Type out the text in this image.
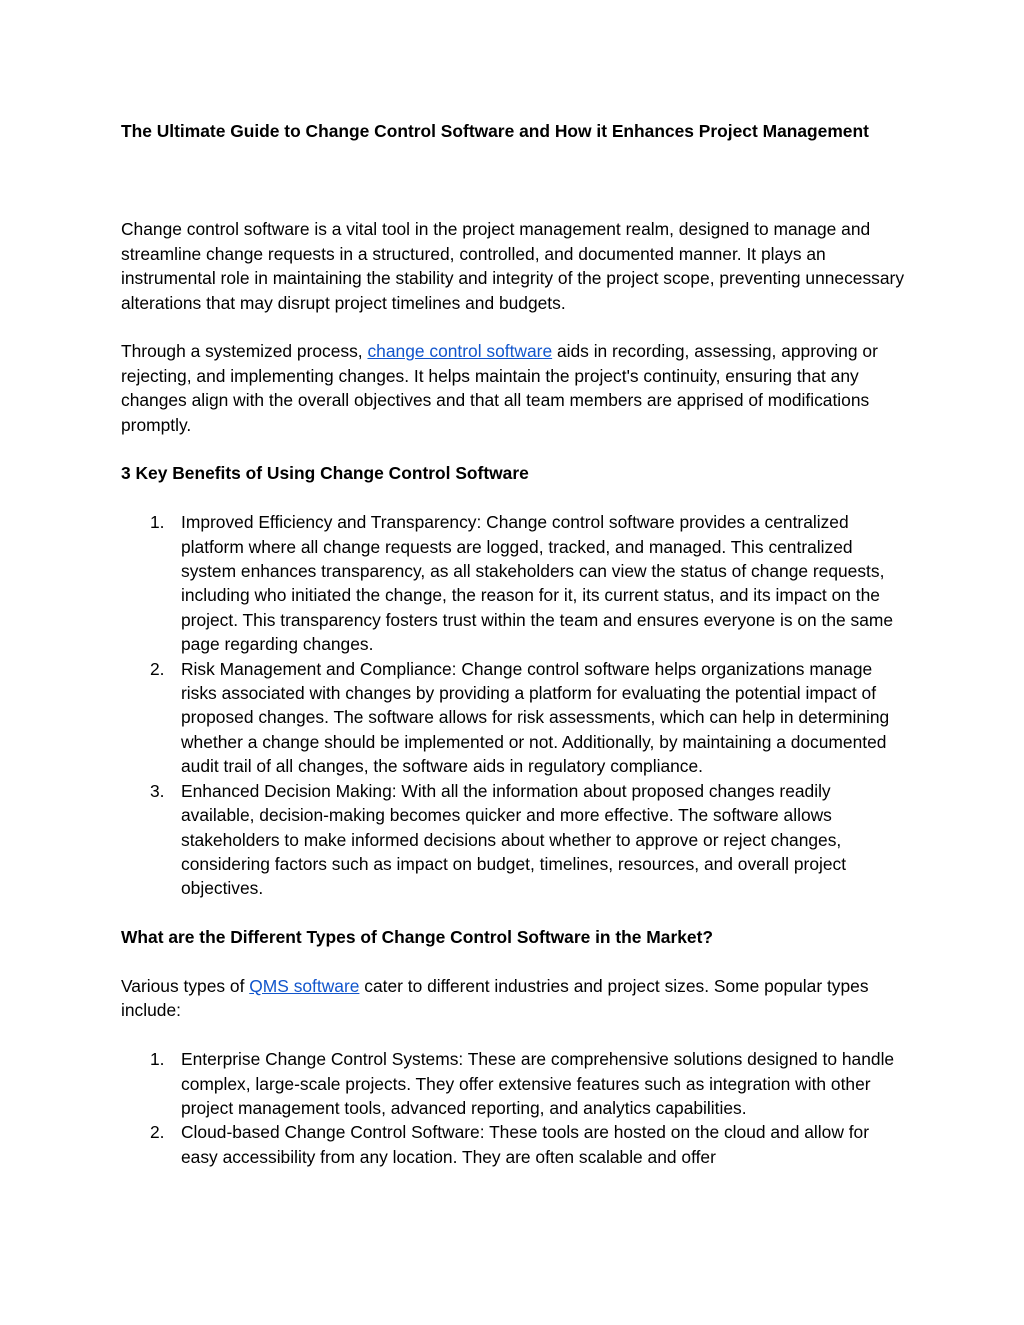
The Ultimate Guide to Change Control Software and How it Enhances Project Management

Change control software is a vital tool in the project management realm, designed to manage and streamline change requests in a structured, controlled, and documented manner. It plays an instrumental role in maintaining the stability and integrity of the project scope, preventing unnecessary alterations that may disrupt project timelines and budgets.

Through a systemized process, change control software aids in recording, assessing, approving or rejecting, and implementing changes. It helps maintain the project's continuity, ensuring that any changes align with the overall objectives and that all team members are apprised of modifications promptly.

3 Key Benefits of Using Change Control Software
1. Improved Efficiency and Transparency: Change control software provides a centralized platform where all change requests are logged, tracked, and managed. This centralized system enhances transparency, as all stakeholders can view the status of change requests, including who initiated the change, the reason for it, its current status, and its impact on the project. This transparency fosters trust within the team and ensures everyone is on the same page regarding changes.
2. Risk Management and Compliance: Change control software helps organizations manage risks associated with changes by providing a platform for evaluating the potential impact of proposed changes. The software allows for risk assessments, which can help in determining whether a change should be implemented or not. Additionally, by maintaining a documented audit trail of all changes, the software aids in regulatory compliance.
3. Enhanced Decision Making: With all the information about proposed changes readily available, decision-making becomes quicker and more effective. The software allows stakeholders to make informed decisions about whether to approve or reject changes, considering factors such as impact on budget, timelines, resources, and overall project objectives.
What are the Different Types of Change Control Software in the Market?

Various types of QMS software cater to different industries and project sizes. Some popular types include:

1. Enterprise Change Control Systems: These are comprehensive solutions designed to handle complex, large-scale projects. They offer extensive features such as integration with other project management tools, advanced reporting, and analytics capabilities.
2. Cloud-based Change Control Software: These tools are hosted on the cloud and allow for easy accessibility from any location. They are often scalable and offer
